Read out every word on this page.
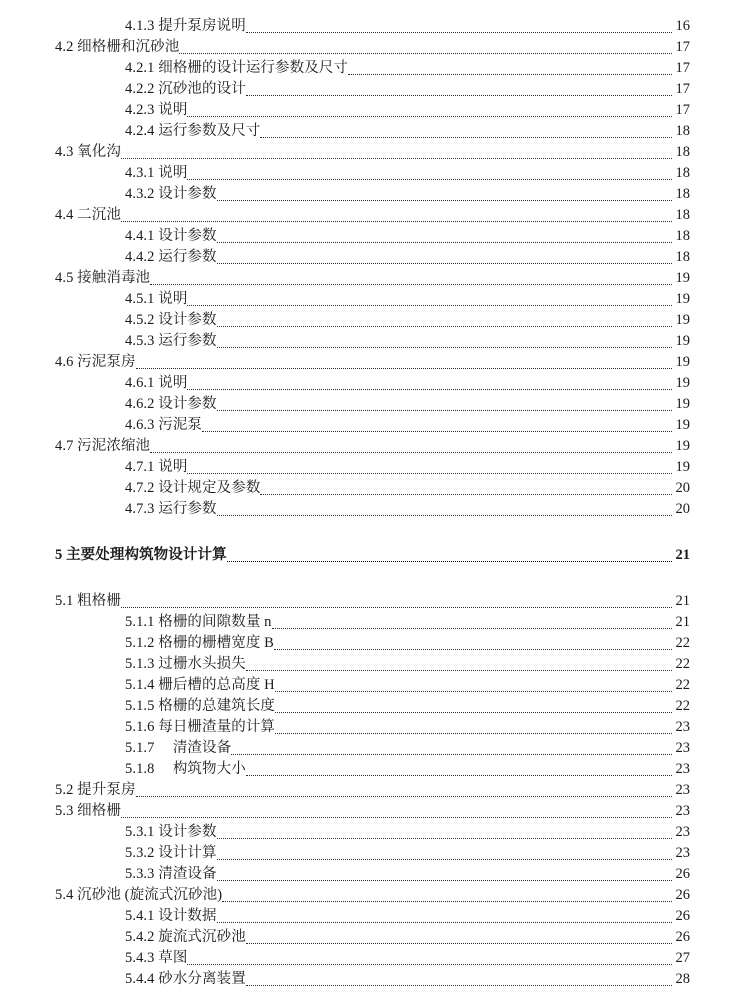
4.1.3 提升泵房说明	16
4.2 细格栅和沉砂池	17
4.2.1 细格栅的设计运行参数及尺寸	17
4.2.2 沉砂池的设计	17
4.2.3 说明	17
4.2.4 运行参数及尺寸	18
4.3 氧化沟	18
4.3.1 说明	18
4.3.2 设计参数	18
4.4 二沉池	18
4.4.1 设计参数	18
4.4.2 运行参数	18
4.5 接触消毒池	19
4.5.1 说明	19
4.5.2 设计参数	19
4.5.3 运行参数	19
4.6 污泥泵房	19
4.6.1 说明	19
4.6.2 设计参数	19
4.6.3 污泥泵	19
4.7 污泥浓缩池	19
4.7.1 说明	19
4.7.2 设计规定及参数	20
4.7.3 运行参数	20
5 主要处理构筑物设计计算	21
5.1 粗格栅	21
5.1.1 格栅的间隙数量 n	21
5.1.2 格栅的栅槽宽度 B	22
5.1.3 过栅水头损失	22
5.1.4 栅后槽的总高度 H	22
5.1.5 格栅的总建筑长度	22
5.1.6 每日栅渣量的计算	23
5.1.7  清渣设备	23
5.1.8  构筑物大小	23
5.2 提升泵房	23
5.3 细格栅	23
5.3.1 设计参数	23
5.3.2 设计计算	23
5.3.3 清渣设备	26
5.4 沉砂池 (旋流式沉砂池)	26
5.4.1 设计数据	26
5.4.2 旋流式沉砂池	26
5.4.3 草图	27
5.4.4 砂水分离装置	28
